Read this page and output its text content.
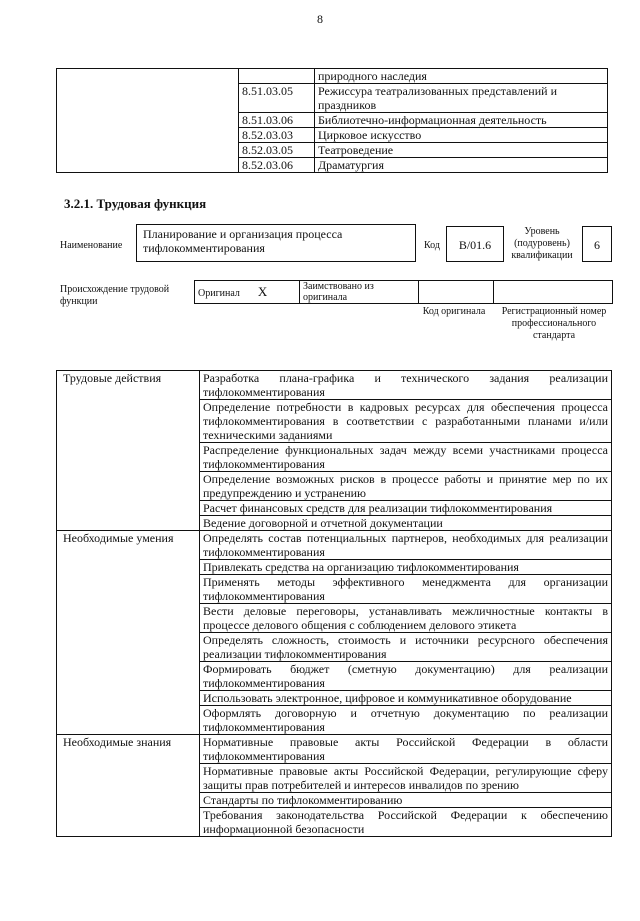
8
		природного наследия
	8.51.03.05	Режиссура театрализованных представлений и праздников
	8.51.03.06	Библиотечно-информационная деятельность
	8.52.03.03	Цирковое искусство
	8.52.03.05	Театроведение
	8.52.03.06	Драматургия
3.2.1. Трудовая функция
Наименование
Планирование и организация процесса тифлокомментирования	Код	B/01.6
Уровень (подуровень) квалификации
6
Происхождение трудовой функции
Оригинал X	Заимствовано из оригинала		
Код оригинала	Регистрационный номер профессионального стандарта
Трудовые действия	Разработка плана-графика и технического задания реализации тифлокомментирования
	Определение потребности в кадровых ресурсах для обеспечения процесса тифлокомментирования в соответствии с разработанными планами и/или техническими заданиями
	Распределение функциональных задач между всеми участниками процесса тифлокомментирования
	Определение возможных рисков в процессе работы и принятие мер по их предупреждению и устранению
	Расчет финансовых средств для реализации тифлокомментирования
	Ведение договорной и отчетной документации
Необходимые умения	Определять состав потенциальных партнеров, необходимых для реализации тифлокомментирования
	Привлекать средства на организацию тифлокомментирования
	Применять методы эффективного менеджмента для организации тифлокомментирования
	Вести деловые переговоры, устанавливать межличностные контакты в процессе делового общения с соблюдением делового этикета
	Определять сложность, стоимость и источники ресурсного обеспечения реализации тифлокомментирования
	Формировать бюджет (сметную документацию) для реализации тифлокомментирования
	Использовать электронное, цифровое и коммуникативное оборудование
	Оформлять договорную и отчетную документацию по реализации тифлокомментирования
Необходимые знания	Нормативные правовые акты Российской Федерации в области тифлокомментирования
	Нормативные правовые акты Российской Федерации, регулирующие сферу защиты прав потребителей и интересов инвалидов по зрению
	Стандарты по тифлокомментированию
	Требования законодательства Российской Федерации к обеспечению информационной безопасности
